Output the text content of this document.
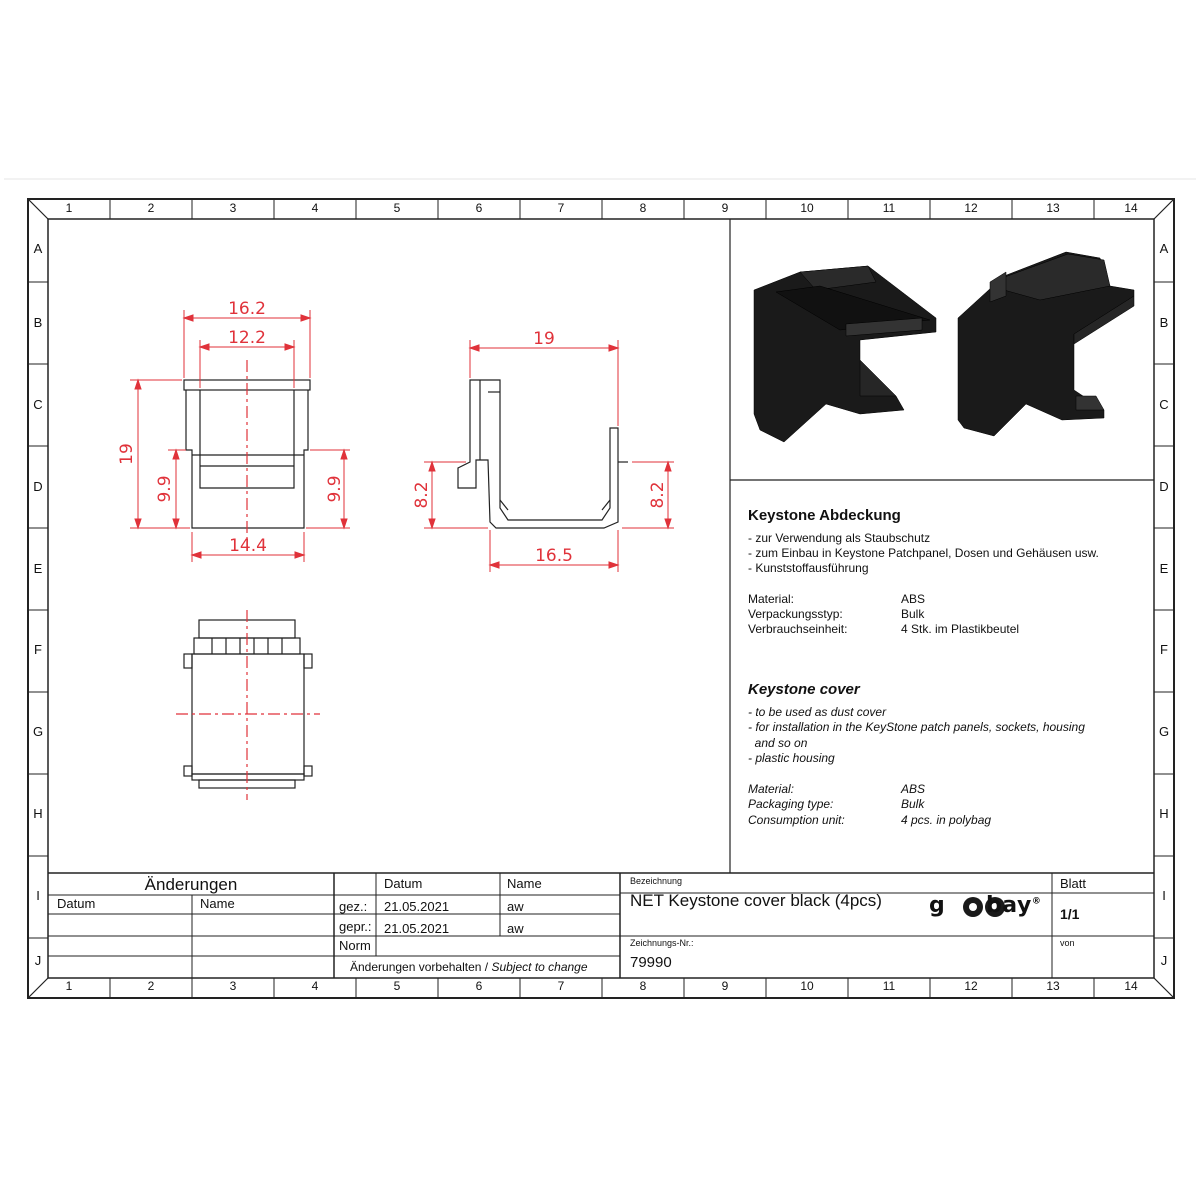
16.2
12.2
19
9.9	9.9
14.4
19
8.2	8.2
16.5
1	2	3	4	5	6	7	8	9	10	11	12	13	14
1	2	3	4	5	6	7	8	9	10	11	12	13	14
A
B
C
D
E
F
G
H
I
J
A
B
C
D
E
F
G
H
I
J
Keystone Abdeckung
- zur Verwendung als Staubschutz
- zum Einbau in Keystone Patchpanel, Dosen und Gehäusen usw.
- Kunststoffausführung
Material:	ABS
Verpackungsstyp:	Bulk
Verbrauchseinheit:	4 Stk. im Plastikbeutel
Keystone cover
- to be used as dust cover
- for installation in the KeyStone patch panels, sockets, housing
and so on
- plastic housing
Material:	ABS
Packaging type:	Bulk
Consumption unit:	4 pcs. in polybag
Änderungen
Datum	Name
Datum	Name
gez.: 21.05.2021	aw
gepr.: 21.05.2021	aw
Norm
Änderungen vorbehalten / Subject to change
Bezeichnung
NET Keystone cover black (4pcs) g     bay®
Zeichnungs-Nr.:
79990
Blatt
1/1
von
